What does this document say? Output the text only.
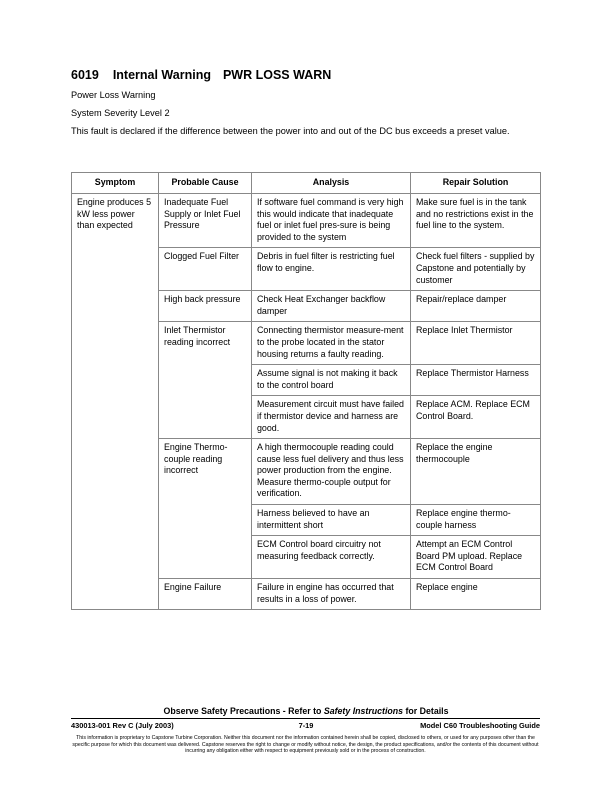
6019 Internal Warning PWR LOSS WARN
Power Loss Warning
System Severity Level 2
This fault is declared if the difference between the power into and out of the DC bus exceeds a preset value.
Symptom	Probable Cause	Analysis	Repair Solution
Engine produces 5 kW less power than expected	Inadequate Fuel Supply or Inlet Fuel Pressure	If software fuel command is very high this would indicate that inadequate fuel or inlet fuel pres-sure is being provided to the system	Make sure fuel is in the tank and no restrictions exist in the fuel line to the system.
	Clogged Fuel Filter	Debris in fuel filter is restricting fuel flow to engine.	Check fuel filters - supplied by Capstone and potentially by customer
	High back pressure	Check Heat Exchanger backflow damper	Repair/replace damper
	Inlet Thermistor reading incorrect	Connecting thermistor measure-ment to the probe located in the stator housing returns a faulty reading.	Replace Inlet Thermistor
		Assume signal is not making it back to the control board	Replace Thermistor Harness
		Measurement circuit must have failed if thermistor device and harness are good.	Replace ACM. Replace ECM Control Board.
	Engine Thermo-couple reading incorrect	A high thermocouple reading could cause less fuel delivery and thus less power production from the engine. Measure thermo-couple output for verification.	Replace the engine thermocouple
		Harness believed to have an intermittent short	Replace engine thermo-couple harness
		ECM Control board circuitry not measuring feedback correctly.	Attempt an ECM Control Board PM upload. Replace ECM Control Board
	Engine Failure	Failure in engine has occurred that results in a loss of power.	Replace engine
Observe Safety Precautions - Refer to Safety Instructions for Details
430013-001 Rev C (July 2003)	7-19	Model C60 Troubleshooting Guide
This information is proprietary to Capstone Turbine Corporation. Neither this document nor the information contained herein shall be copied, disclosed to others, or used for any purposes other than the specific purpose for which this document was delivered. Capstone reserves the right to change or modify without notice, the design, the product specifications, and/or the contents of this document without incurring any obligation either with respect to equipment previously sold or in the process of construction.
